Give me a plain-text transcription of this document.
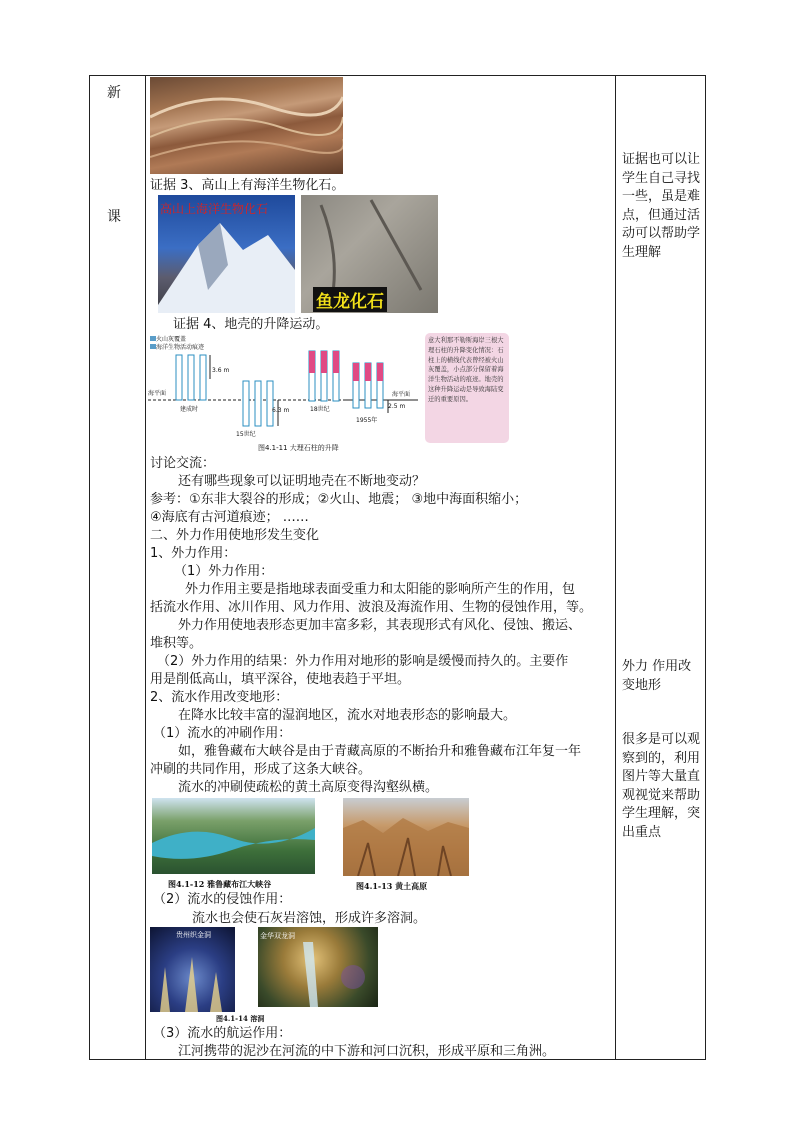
新
课
证据 3、高山上有海洋生物化石。
高山上海洋生物化石
鱼龙化石
证据 4、地壳的升降运动。
火山灰覆盖
海洋生物活动痕迹
海平面	海平面
3.6 m
6.3 m
2.5 m
建成时
15世纪
18世纪
1955年
图4.1-11 大理石柱的升降
意大利那不勒斯海岸三根大理石柱的升降变化情况：石柱上的横线代表曾经被火山灰覆盖，小点部分保留着海洋生物活动的痕迹。地壳的这种升降运动是导致海陆变迁的重要原因。
讨论交流：
还有哪些现象可以证明地壳在不断地变动？
参考：①东非大裂谷的形成；②火山、地震； ③地中海面积缩小；
④海底有古河道痕迹； ……
二、外力作用使地形发生变化
1、外力作用：
（1）外力作用：
外力作用主要是指地球表面受重力和太阳能的影响所产生的作用，包
括流水作用、冰川作用、风力作用、波浪及海流作用、生物的侵蚀作用，等。
外力作用使地表形态更加丰富多彩，其表现形式有风化、侵蚀、搬运、
堆积等。
（2）外力作用的结果：外力作用对地形的影响是缓慢而持久的。主要作
用是削低高山，填平深谷，使地表趋于平坦。
2、流水作用改变地形：
在降水比较丰富的湿润地区，流水对地表形态的影响最大。
（1）流水的冲刷作用：
如，雅鲁藏布大峡谷是由于青藏高原的不断抬升和雅鲁藏布江年复一年
冲刷的共同作用，形成了这条大峡谷。
流水的冲刷使疏松的黄土高原变得沟壑纵横。
图4.1-12 雅鲁藏布江大峡谷	图4.1-13 黄土高原
（2）流水的侵蚀作用：
流水也会使石灰岩溶蚀，形成许多溶洞。
贵州织金洞	金华双龙洞
图4.1-14 溶洞
（3）流水的航运作用：
江河携带的泥沙在河流的中下游和河口沉积，形成平原和三角洲。
证据也可以让学生自己寻找一些，虽是难点，但通过活动可以帮助学生理解
外力 作用改变地形
很多是可以观察到的，利用图片等大量直观视觉来帮助学生理解，突出重点
